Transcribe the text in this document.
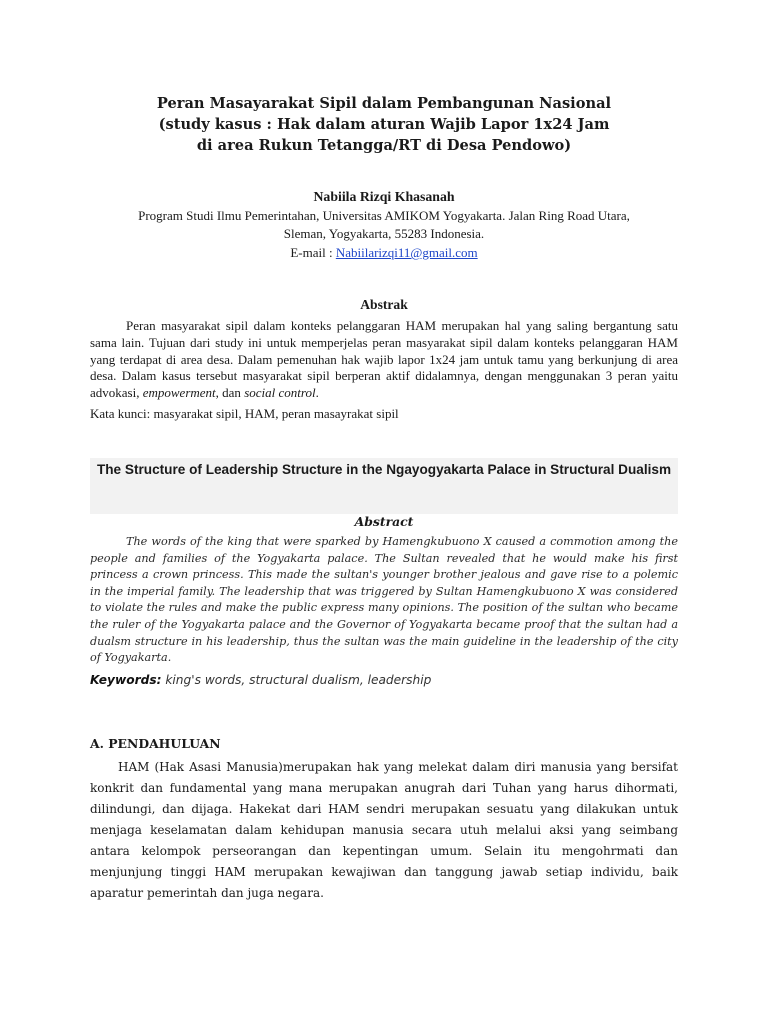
Peran Masayarakat Sipil dalam Pembangunan Nasional

(study kasus : Hak dalam aturan Wajib Lapor 1x24 Jam

di area Rukun Tetangga/RT di Desa Pendowo)

Nabiila Rizqi Khasanah
Program Studi Ilmu Pemerintahan, Universitas AMIKOM Yogyakarta. Jalan Ring Road Utara,
Sleman, Yogyakarta, 55283 Indonesia.
E-mail : Nabiilarizqi11@gmail.com
Abstrak

Peran masyarakat sipil dalam konteks pelanggaran HAM merupakan hal yang saling bergantung satu sama lain. Tujuan dari study ini untuk memperjelas peran masyarakat sipil dalam konteks pelanggaran HAM yang terdapat di area desa. Dalam pemenuhan hak wajib lapor 1x24 jam untuk tamu yang berkunjung di area desa. Dalam kasus tersebut masyarakat sipil berperan aktif didalamnya, dengan menggunakan 3 peran yaitu advokasi, empowerment, dan social control.

Kata kunci: masyarakat sipil, HAM, peran masayrakat sipil
The Structure of Leadership Structure in the Ngayogyakarta Palace in Structural Dualism
Abstract

The words of the king that were sparked by Hamengkubuono X caused a commotion among the people and families of the Yogyakarta palace. The Sultan revealed that he would make his first princess a crown princess. This made the sultan's younger brother jealous and gave rise to a polemic in the imperial family. The leadership that was triggered by Sultan Hamengkubuono X was considered to violate the rules and make the public express many opinions. The position of the sultan who became the ruler of the Yogyakarta palace and the Governor of Yogyakarta became proof that the sultan had a dualsm structure in his leadership, thus the sultan was the main guideline in the leadership of the city of Yogyakarta.

Keywords: king's words, structural dualism, leadership
A. PENDAHULUAN

HAM (Hak Asasi Manusia)merupakan hak yang melekat dalam diri manusia yang bersifat konkrit dan fundamental yang mana merupakan anugrah dari Tuhan yang harus dihormati, dilindungi, dan dijaga. Hakekat dari HAM sendri merupakan sesuatu yang dilakukan untuk menjaga keselamatan dalam kehidupan manusia secara utuh melalui aksi yang seimbang antara kelompok perseorangan dan kepentingan umum. Selain itu mengohrmati dan menjunjung tinggi HAM merupakan kewajiwan dan tanggung jawab setiap individu, baik aparatur pemerintah dan juga negara.
